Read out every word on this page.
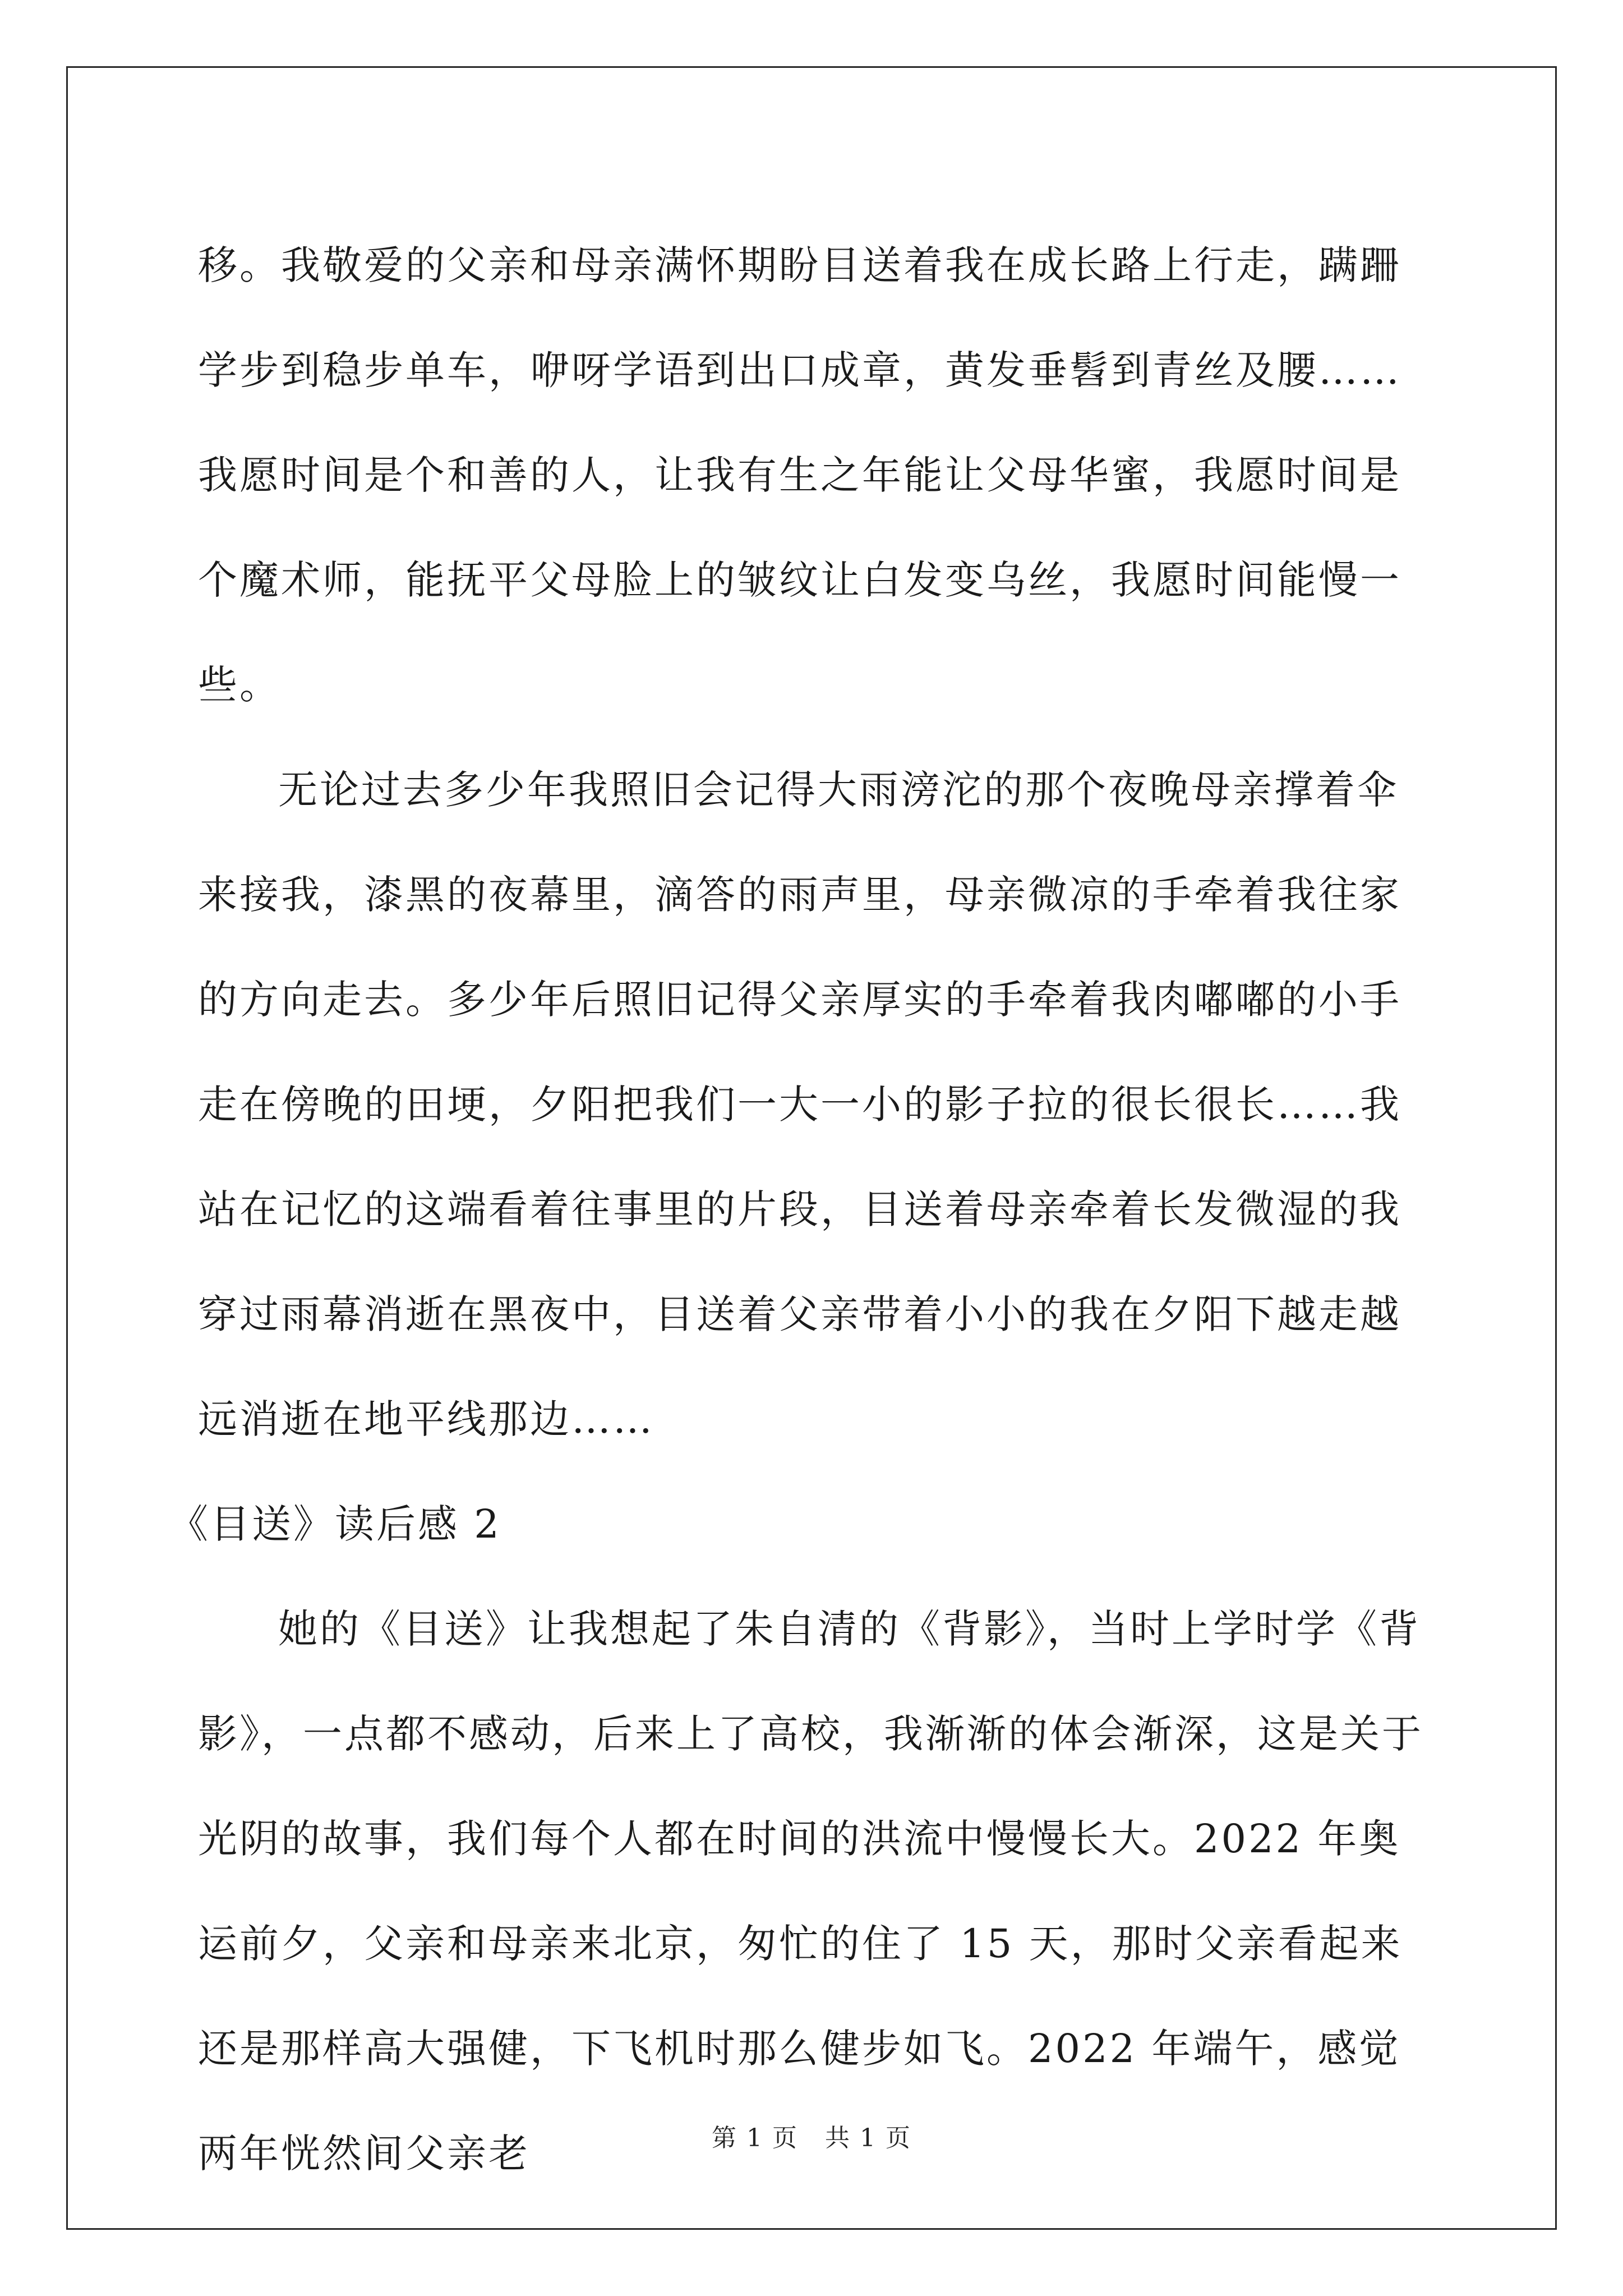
移。我敬爱的父亲和母亲满怀期盼目送着我在成长路上行走，蹒跚学步到稳步单车，咿呀学语到出口成章，黄发垂髫到青丝及腰……我愿时间是个和善的人，让我有生之年能让父母华蜜，我愿时间是个魔术师，能抚平父母脸上的皱纹让白发变乌丝，我愿时间能慢一些。

无论过去多少年我照旧会记得大雨滂沱的那个夜晚母亲撑着伞来接我，漆黑的夜幕里，滴答的雨声里，母亲微凉的手牵着我往家的方向走去。多少年后照旧记得父亲厚实的手牵着我肉嘟嘟的小手走在傍晚的田埂，夕阳把我们一大一小的影子拉的很长很长……我站在记忆的这端看着往事里的片段，目送着母亲牵着长发微湿的我穿过雨幕消逝在黑夜中，目送着父亲带着小小的我在夕阳下越走越远消逝在地平线那边……

《目送》读后感 2

她的《目送》让我想起了朱自清的《背影》，当时上学时学《背影》，一点都不感动，后来上了高校，我渐渐的体会渐深，这是关于光阴的故事，我们每个人都在时间的洪流中慢慢长大。2022 年奥运前夕，父亲和母亲来北京，匆忙的住了 15 天，那时父亲看起来还是那样高大强健，下飞机时那么健步如飞。2022 年端午，感觉两年恍然间父亲老	第 1 页 共 1 页
